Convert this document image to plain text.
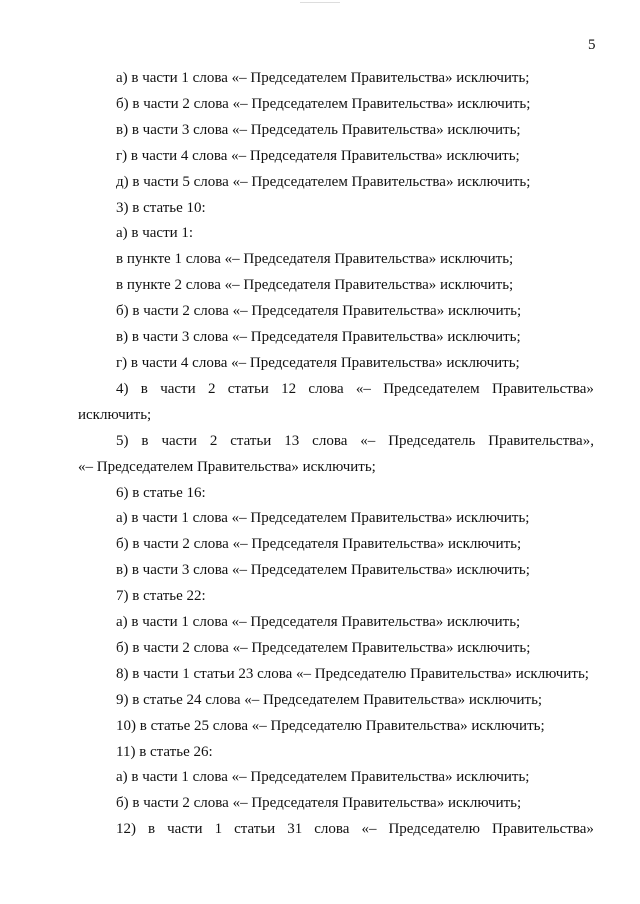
5
а) в части 1 слова «– Председателем Правительства» исключить;
б) в части 2 слова «– Председателем Правительства» исключить;
в) в части 3 слова «– Председатель Правительства» исключить;
г) в части 4 слова «– Председателя Правительства» исключить;
д) в части 5 слова «– Председателем Правительства» исключить;
3) в статье 10:
а) в части 1:
в пункте 1 слова «– Председателя Правительства» исключить;
в пункте 2 слова «– Председателя Правительства» исключить;
б) в части 2 слова «– Председателя Правительства» исключить;
в) в части 3 слова «– Председателя Правительства» исключить;
г) в части 4 слова «– Председателя Правительства» исключить;
4) в части 2 статьи 12 слова «– Председателем Правительства»
исключить;
5) в части 2 статьи 13 слова «– Председатель Правительства»,
«– Председателем Правительства» исключить;
6) в статье 16:
а) в части 1 слова «– Председателем Правительства» исключить;
б) в части 2 слова «– Председателя Правительства» исключить;
в) в части 3 слова «– Председателем Правительства» исключить;
7) в статье 22:
а) в части 1 слова «– Председателя Правительства» исключить;
б) в части 2 слова «– Председателем Правительства» исключить;
8) в части 1 статьи 23 слова «– Председателю Правительства» исключить;
9) в статье 24 слова «– Председателем Правительства» исключить;
10) в статье 25 слова «– Председателю Правительства» исключить;
11) в статье 26:
а) в части 1 слова «– Председателем Правительства» исключить;
б) в части 2 слова «– Председателя Правительства» исключить;
12) в части 1 статьи 31 слова «– Председателю Правительства»
